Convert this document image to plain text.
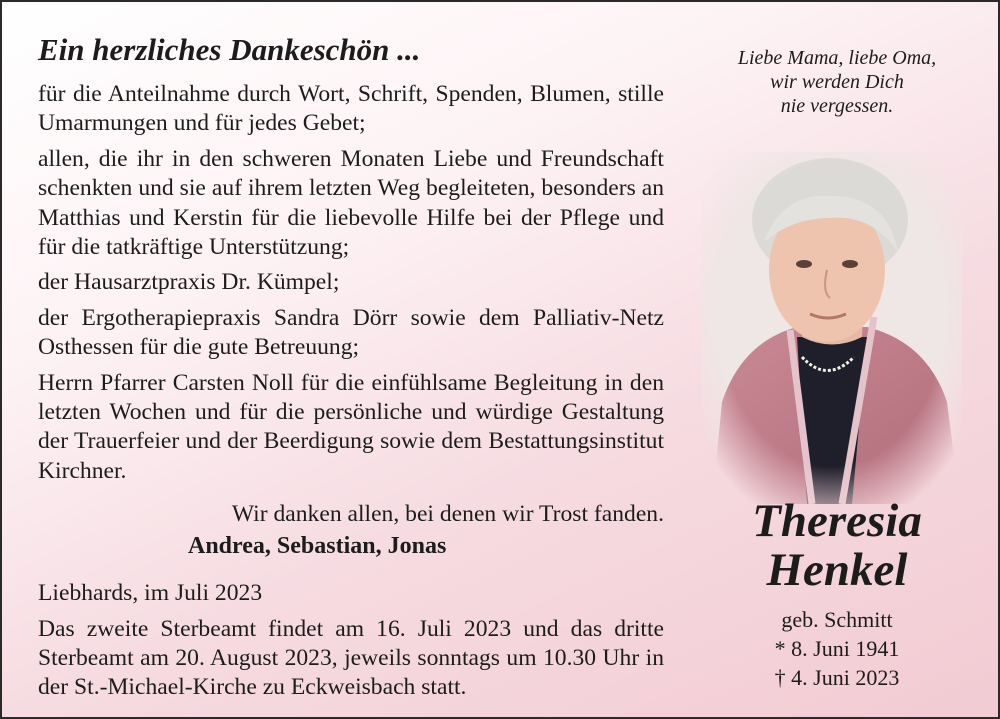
Ein herzliches Dankeschön ...

für die Anteilnahme durch Wort, Schrift, Spenden, Blumen, stille Umarmungen und für jedes Gebet;

allen, die ihr in den schweren Monaten Liebe und Freundschaft schenkten und sie auf ihrem letzten Weg begleiteten, besonders an Matthias und Kerstin für die liebevolle Hilfe bei der Pflege und für die tatkräftige Unterstützung;

der Hausarztpraxis Dr. Kümpel;

der Ergotherapiepraxis Sandra Dörr sowie dem Palliativ-Netz Osthessen für die gute Betreuung;

Herrn Pfarrer Carsten Noll für die einfühlsame Begleitung in den letzten Wochen und für die persönliche und würdige Gestaltung der Trauerfeier und der Beerdigung sowie dem Bestattungsinstitut Kirchner.

Wir danken allen, bei denen wir Trost fanden.
Andrea, Sebastian, Jonas
Liebhards, im Juli 2023

Das zweite Sterbeamt findet am 16. Juli 2023 und das dritte Sterbeamt am 20. August 2023, jeweils sonntags um 10.30 Uhr in der St.-Michael-Kirche zu Eckweisbach statt.

Liebe Mama, liebe Oma,
wir werden Dich
nie vergessen.
Theresia
Henkel
geb. Schmitt
* 8. Juni 1941
† 4. Juni 2023
